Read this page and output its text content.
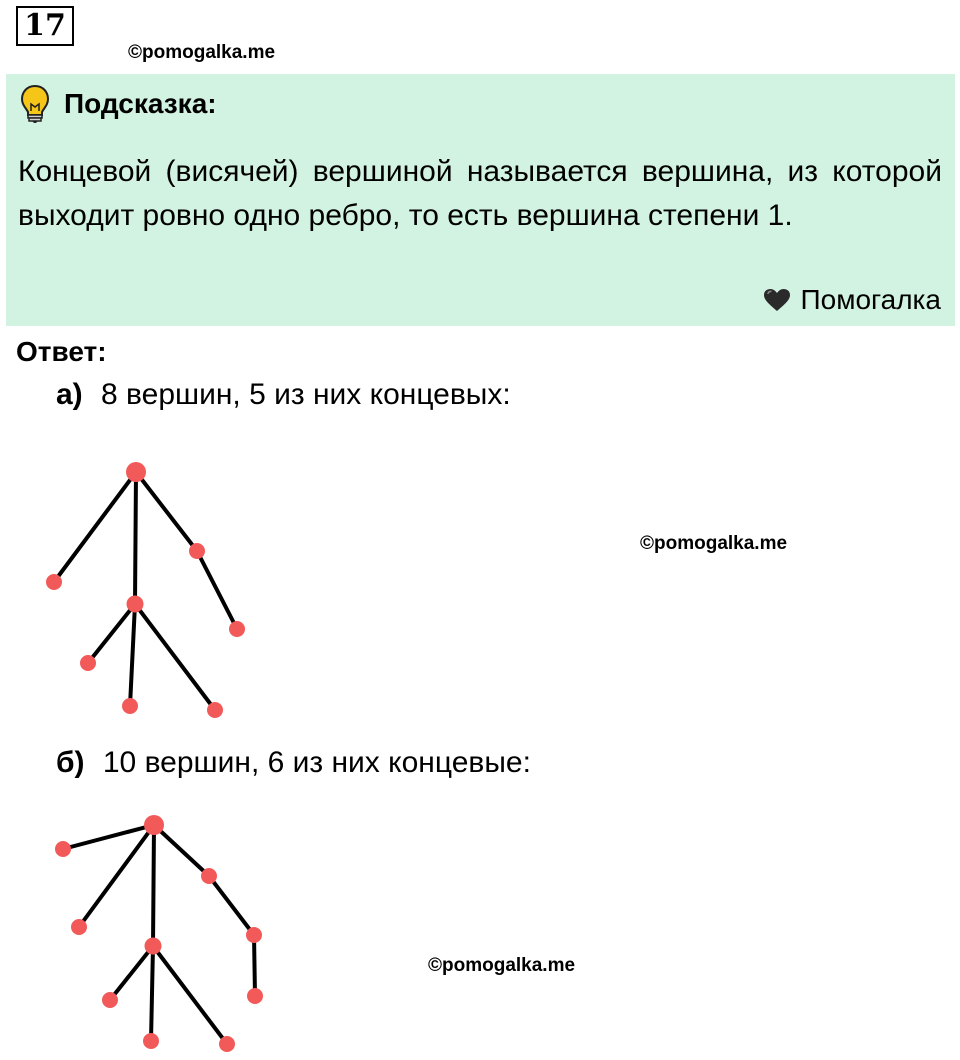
17
©pomogalka.me
Подсказка:

Концевой (висячей) вершиной называется вершина, из которой выходит ровно одно ребро, то есть вершина степени 1.

Помогалка
Ответ:
а) 8 вершин, 5 из них концевых:
©pomogalka.me
б) 10 вершин, 6 из них концевые:
©pomogalka.me
